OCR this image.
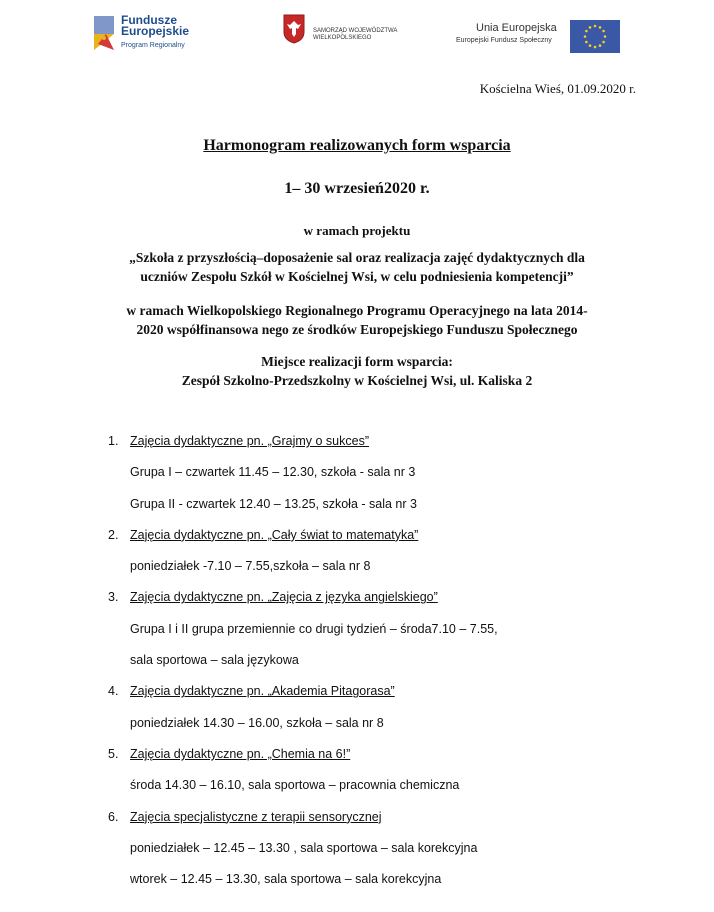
Fundusze
Europejskie
Program Regionalny
SAMORZĄD WOJEWÓDZTWA
WIELKOPOLSKIEGO
Unia Europejska
Europejski Fundusz Społeczny
Kościelna Wieś, 01.09.2020 r.
Harmonogram realizowanych form wsparcia
1– 30 wrzesień2020 r.
w ramach projektu
„Szkoła z przyszłością–doposażenie sal oraz realizacja zajęć dydaktycznych dla
uczniów Zespołu Szkół w Kościelnej Wsi, w celu podniesienia kompetencji”
w ramach Wielkopolskiego Regionalnego Programu Operacyjnego na lata 2014-
2020 współfinansowa nego ze środków Europejskiego Funduszu Społecznego
Miejsce realizacji form wsparcia:
Zespół Szkolno-Przedszkolny w Kościelnej Wsi, ul. Kaliska 2
1. Zajęcia dydaktyczne pn. „Grajmy o sukces”
Grupa I – czwartek 11.45 – 12.30, szkoła - sala nr 3
Grupa II - czwartek 12.40 – 13.25, szkoła - sala nr 3
2. Zajęcia dydaktyczne pn. „Cały świat to matematyka”
poniedziałek -7.10 – 7.55,szkoła – sala nr 8
3. Zajęcia dydaktyczne pn. „Zajęcia z języka angielskiego”
Grupa I i II grupa przemiennie co drugi tydzień – środa7.10 – 7.55,
sala sportowa – sala językowa
4. Zajęcia dydaktyczne pn. „Akademia Pitagorasa”
poniedziałek 14.30 – 16.00, szkoła – sala nr 8
5. Zajęcia dydaktyczne pn. „Chemia na 6!”
środa 14.30 – 16.10, sala sportowa – pracownia chemiczna
6. Zajęcia specjalistyczne z terapii sensorycznej
poniedziałek – 12.45 – 13.30 , sala sportowa – sala korekcyjna
wtorek – 12.45 – 13.30, sala sportowa – sala korekcyjna
